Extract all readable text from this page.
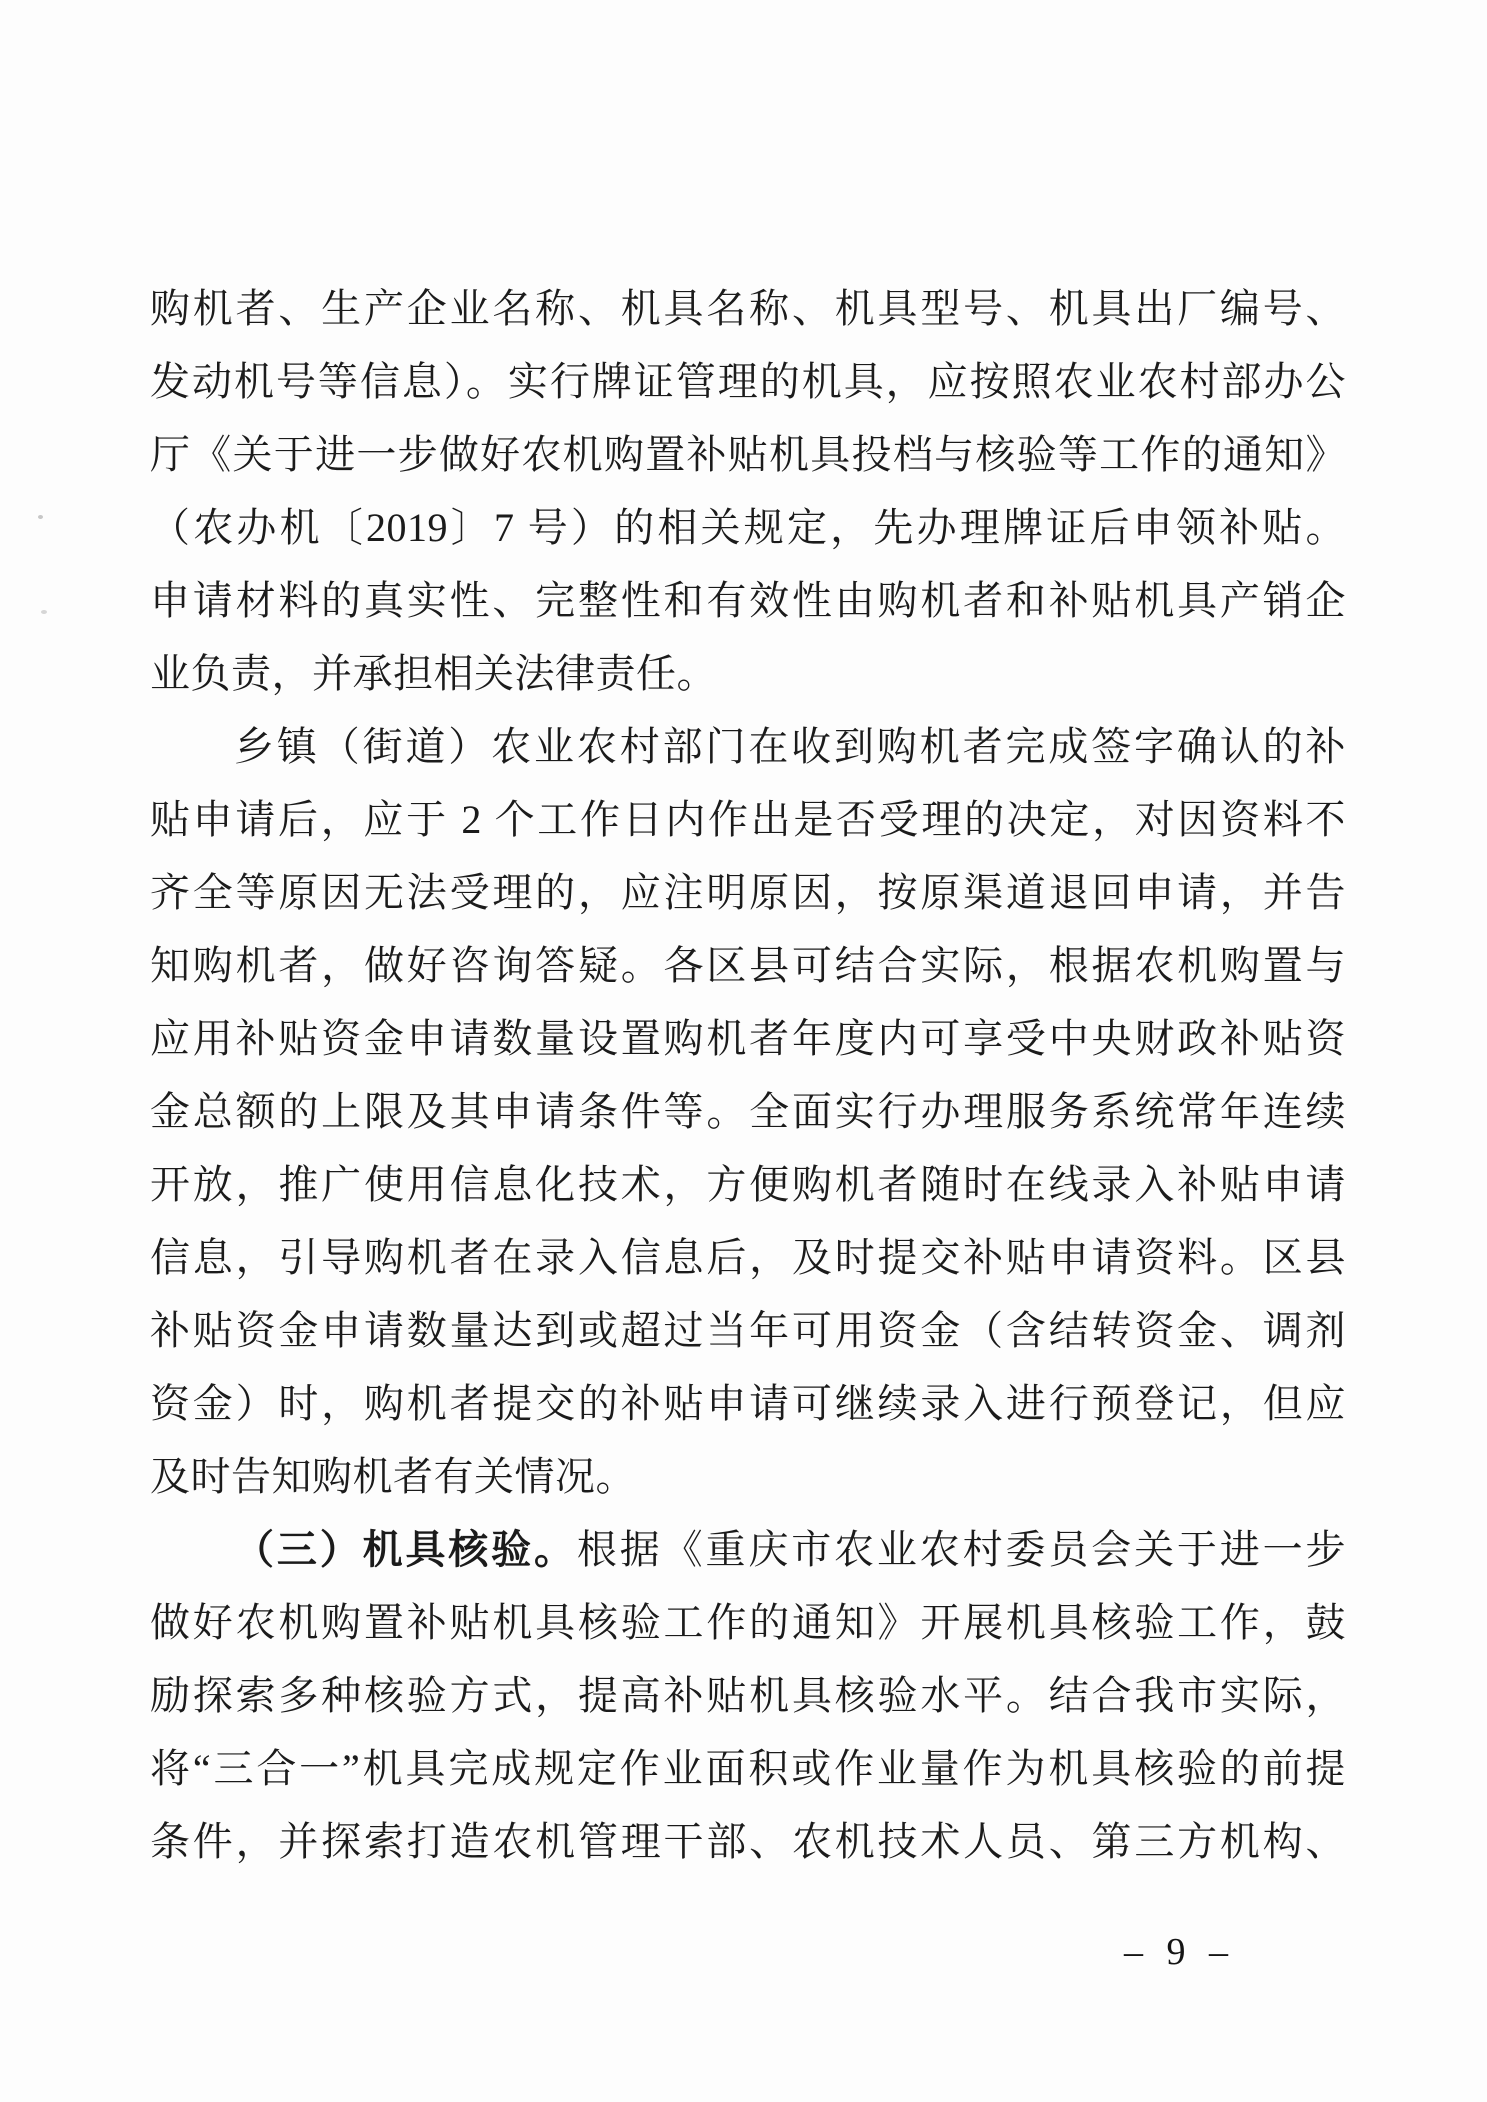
购机者、生产企业名称、机具名称、机具型号、机具出厂编号、
发动机号等信息）。实行牌证管理的机具，应按照农业农村部办公
厅《关于进一步做好农机购置补贴机具投档与核验等工作的通知》
（农办机〔2019〕7 号）的相关规定，先办理牌证后申领补贴。
申请材料的真实性、完整性和有效性由购机者和补贴机具产销企
业负责，并承担相关法律责任。
乡镇（街道）农业农村部门在收到购机者完成签字确认的补
贴申请后，应于 2 个工作日内作出是否受理的决定，对因资料不
齐全等原因无法受理的，应注明原因，按原渠道退回申请，并告
知购机者，做好咨询答疑。各区县可结合实际，根据农机购置与
应用补贴资金申请数量设置购机者年度内可享受中央财政补贴资
金总额的上限及其申请条件等。全面实行办理服务系统常年连续
开放，推广使用信息化技术，方便购机者随时在线录入补贴申请
信息，引导购机者在录入信息后，及时提交补贴申请资料。区县
补贴资金申请数量达到或超过当年可用资金（含结转资金、调剂
资金）时，购机者提交的补贴申请可继续录入进行预登记，但应
及时告知购机者有关情况。
（三）机具核验。根据《重庆市农业农村委员会关于进一步
做好农机购置补贴机具核验工作的通知》开展机具核验工作，鼓
励探索多种核验方式，提高补贴机具核验水平。结合我市实际，
将“三合一”机具完成规定作业面积或作业量作为机具核验的前提
条件，并探索打造农机管理干部、农机技术人员、第三方机构、
– 9 –
